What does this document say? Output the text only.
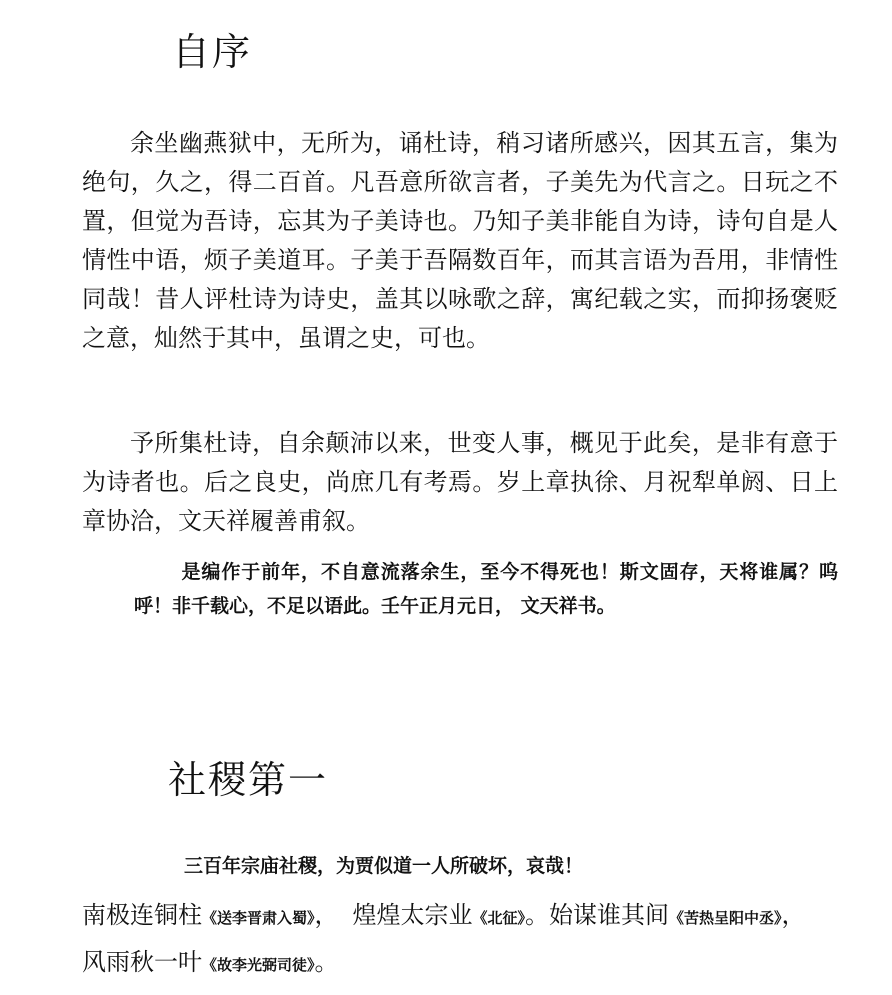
自序

余坐幽燕狱中，无所为，诵杜诗，稍习诸所感兴，因其五言，集为绝句，久之，得二百首。凡吾意所欲言者，子美先为代言之。日玩之不置，但觉为吾诗，忘其为子美诗也。乃知子美非能自为诗，诗句自是人情性中语，烦子美道耳。子美于吾隔数百年，而其言语为吾用，非情性同哉！昔人评杜诗为诗史，盖其以咏歌之辞，寓纪载之实，而抑扬褒贬之意，灿然于其中，虽谓之史，可也。

予所集杜诗，自余颠沛以来，世变人事，概见于此矣，是非有意于为诗者也。后之良史，尚庶几有考焉。岁上章执徐、月祝犁单阏、日上章协洽，文天祥履善甫叙。

是编作于前年，不自意流落余生，至今不得死也！斯文固存，天将谁属？呜呼！非千载心，不足以语此。壬午正月元日， 文天祥书。

社稷第一

三百年宗庙社稷，为贾似道一人所破坏，哀哉！

南极连铜柱《送李晋肃入蜀》， 煌煌太宗业《北征》。始谋谁其间《苦热呈阳中丞》，风雨秋一叶《故李光弼司徒》。
